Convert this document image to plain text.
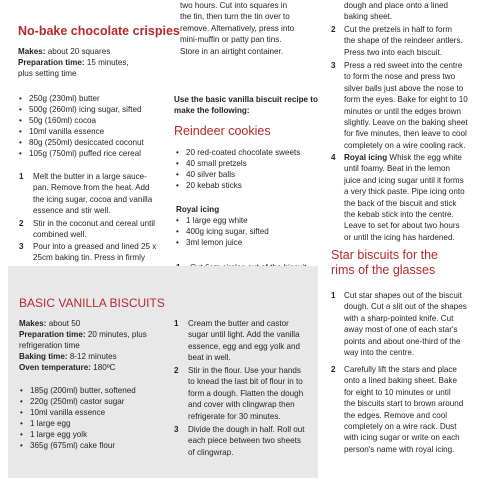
No-bake chocolate crispies
Makes: about 20 squares
Preparation time: 15 minutes,
plus setting time
• 250g (230ml) butter
• 500g (260ml) icing sugar, sifted
• 50g (160ml) cocoa
• 10ml vanilla essence
• 80g (250ml) desiccated coconut
• 105g (750ml) puffed rice cereal
1 Melt the butter in a large sauce-
pan. Remove from the heat. Add
the icing sugar, cocoa and vanilla
essence and stir well.
2 Stir in the coconut and cereal until
combined well.
3 Pour into a greased and lined 25 x
25cm baking tin. Press in firmly
two hours. Cut into squares in
the tin, then turn the tin over to
remove. Alternatively, press into
mini-muffin or patty pan tins.
Store in an airtight container.
Use the basic vanilla biscuit recipe to
make the following:
Reindeer cookies
• 20 red-coated chocolate sweets
• 40 small pretzels
• 40 silver balls
• 20 kebab sticks
Royal icing
• 1 large egg white
• 400g icing sugar, sifted
• 3ml lemon juice
BASIC VANILLA BISCUITS
Makes: about 50
Preparation time: 20 minutes, plus
refrigeration time
Baking time: 8-12 minutes
Oven temperature: 180ºC
• 185g (200ml) butter, softened
• 220g (250ml) castor sugar
• 10ml vanilla essence
• 1 large egg
• 1 large egg yolk
• 365g (675ml) cake flour
1 Cream the butter and castor
sugar until light. Add the vanilla
essence, egg and egg yolk and
beat in well.
2 Stir in the flour. Use your hands
to knead the last bit of flour in to
form a dough. Flatten the dough
and cover with clingwrap then
refrigerate for 30 minutes.
3 Divide the dough in half. Roll out
each piece between two sheets
of clingwrap.
dough and place onto a lined
baking sheet.
2 Cut the pretzels in half to form
the shape of the reindeer antlers.
Press two into each biscuit.
3 Press a red sweet into the centre
to form the nose and press two
silver balls just above the nose to
form the eyes. Bake for eight to 10
minutes or until the edges brown
slightly. Leave on the baking sheet
for five minutes, then leave to cool
completely on a wire cooling rack.
4 Royal icing Whisk the egg white
until foamy. Beat in the lemon
juice and icing sugar until it forms
a very thick paste. Pipe icing onto
the back of the biscuit and stick
the kebab stick into the centre.
Leave to set for about two hours
or until the icing has hardened.
Star biscuits for the
rims of the glasses
1 Cut star shapes out of the biscuit
dough. Cut a slit out of the shapes
with a sharp-pointed knife. Cut
away most of one of each star's
points and about one-third of the
way into the centre.
2 Carefully lift the stars and place
onto a lined baking sheet. Bake
for eight to 10 minutes or until
the biscuits start to brown around
the edges. Remove and cool
completely on a wire rack. Dust
with icing sugar or write on each
person's name with royal icing.
